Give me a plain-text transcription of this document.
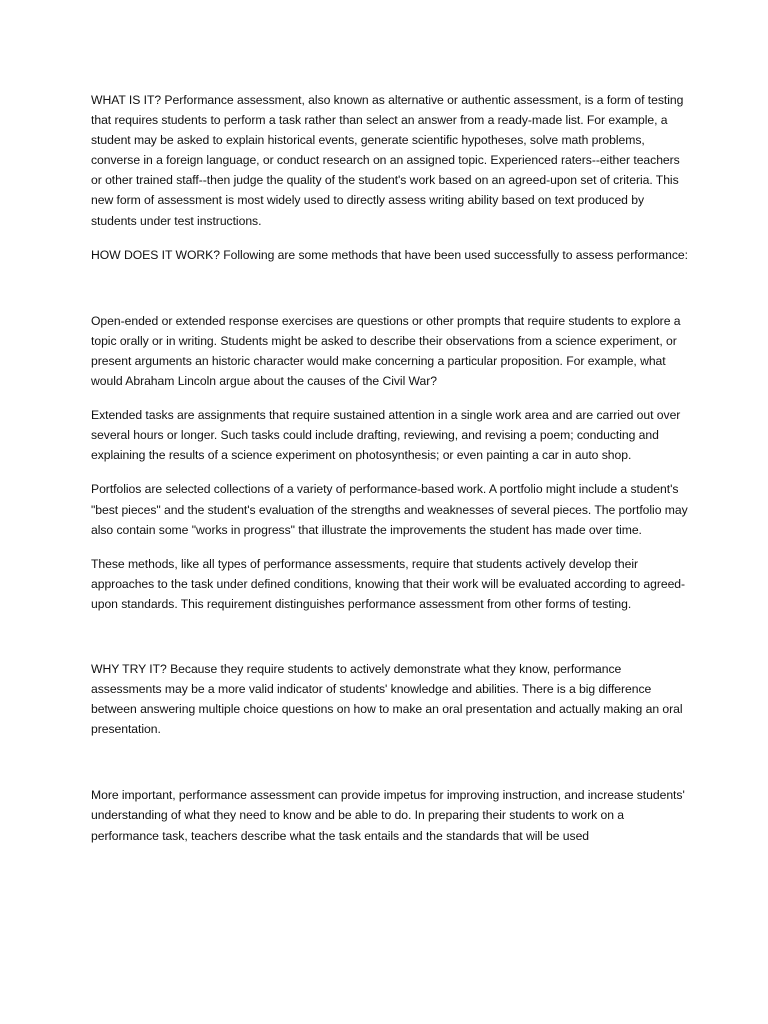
WHAT IS IT? Performance assessment, also known as alternative or authentic assessment, is a form of testing that requires students to perform a task rather than select an answer from a ready-made list. For example, a student may be asked to explain historical events, generate scientific hypotheses, solve math problems, converse in a foreign language, or conduct research on an assigned topic. Experienced raters--either teachers or other trained staff--then judge the quality of the student's work based on an agreed-upon set of criteria. This new form of assessment is most widely used to directly assess writing ability based on text produced by students under test instructions.

HOW DOES IT WORK? Following are some methods that have been used successfully to assess performance:

Open-ended or extended response exercises are questions or other prompts that require students to explore a topic orally or in writing. Students might be asked to describe their observations from a science experiment, or present arguments an historic character would make concerning a particular proposition. For example, what would Abraham Lincoln argue about the causes of the Civil War?

Extended tasks are assignments that require sustained attention in a single work area and are carried out over several hours or longer. Such tasks could include drafting, reviewing, and revising a poem; conducting and explaining the results of a science experiment on photosynthesis; or even painting a car in auto shop.

Portfolios are selected collections of a variety of performance-based work. A portfolio might include a student's "best pieces" and the student's evaluation of the strengths and weaknesses of several pieces. The portfolio may also contain some "works in progress" that illustrate the improvements the student has made over time.

These methods, like all types of performance assessments, require that students actively develop their approaches to the task under defined conditions, knowing that their work will be evaluated according to agreed-upon standards. This requirement distinguishes performance assessment from other forms of testing.

WHY TRY IT? Because they require students to actively demonstrate what they know, performance assessments may be a more valid indicator of students' knowledge and abilities. There is a big difference between answering multiple choice questions on how to make an oral presentation and actually making an oral presentation.

More important, performance assessment can provide impetus for improving instruction, and increase students' understanding of what they need to know and be able to do. In preparing their students to work on a performance task, teachers describe what the task entails and the standards that will be used
